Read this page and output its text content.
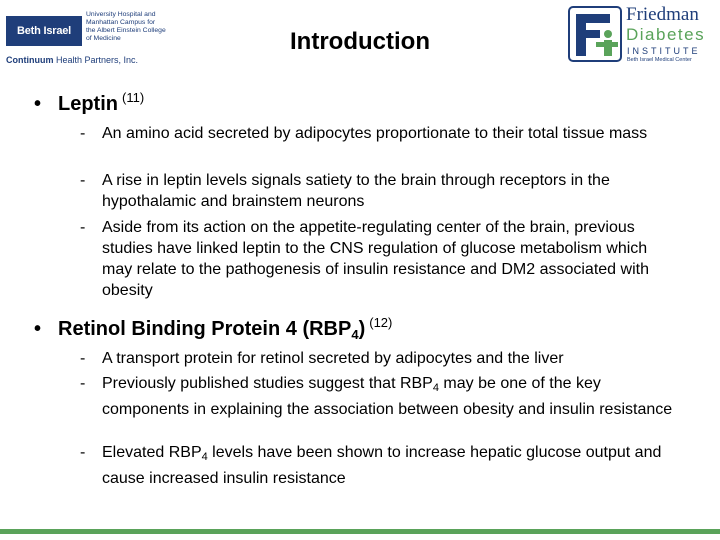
Beth Israel
University Hospital and
Manhattan Campus for
the Albert Einstein College
of Medicine
Continuum Health Partners, Inc.
Friedman
Diabetes
INSTITUTE
Beth Israel Medical Center
Introduction
• Leptin $^{(11)}$
-	An amino acid secreted by adipocytes proportionate to their total tissue mass
-	A rise in leptin levels signals satiety to the brain through receptors in the hypothalamic and brainstem neurons
-	Aside from its action on the appetite-regulating center of the brain, previous studies have linked leptin to the CNS regulation of glucose metabolism which may relate to the pathogenesis of insulin resistance and DM2 associated with obesity
• Retinol Binding Protein 4 $(RBP_4)$ $^{(12)}$
-	A transport protein for retinol secreted by adipocytes and the liver
-	Previously published studies suggest that $RBP_4$ may be one of the key components in explaining the association between obesity and insulin resistance
-	Elevated $RBP_4$ levels have been shown to increase hepatic glucose output and cause increased insulin resistance
